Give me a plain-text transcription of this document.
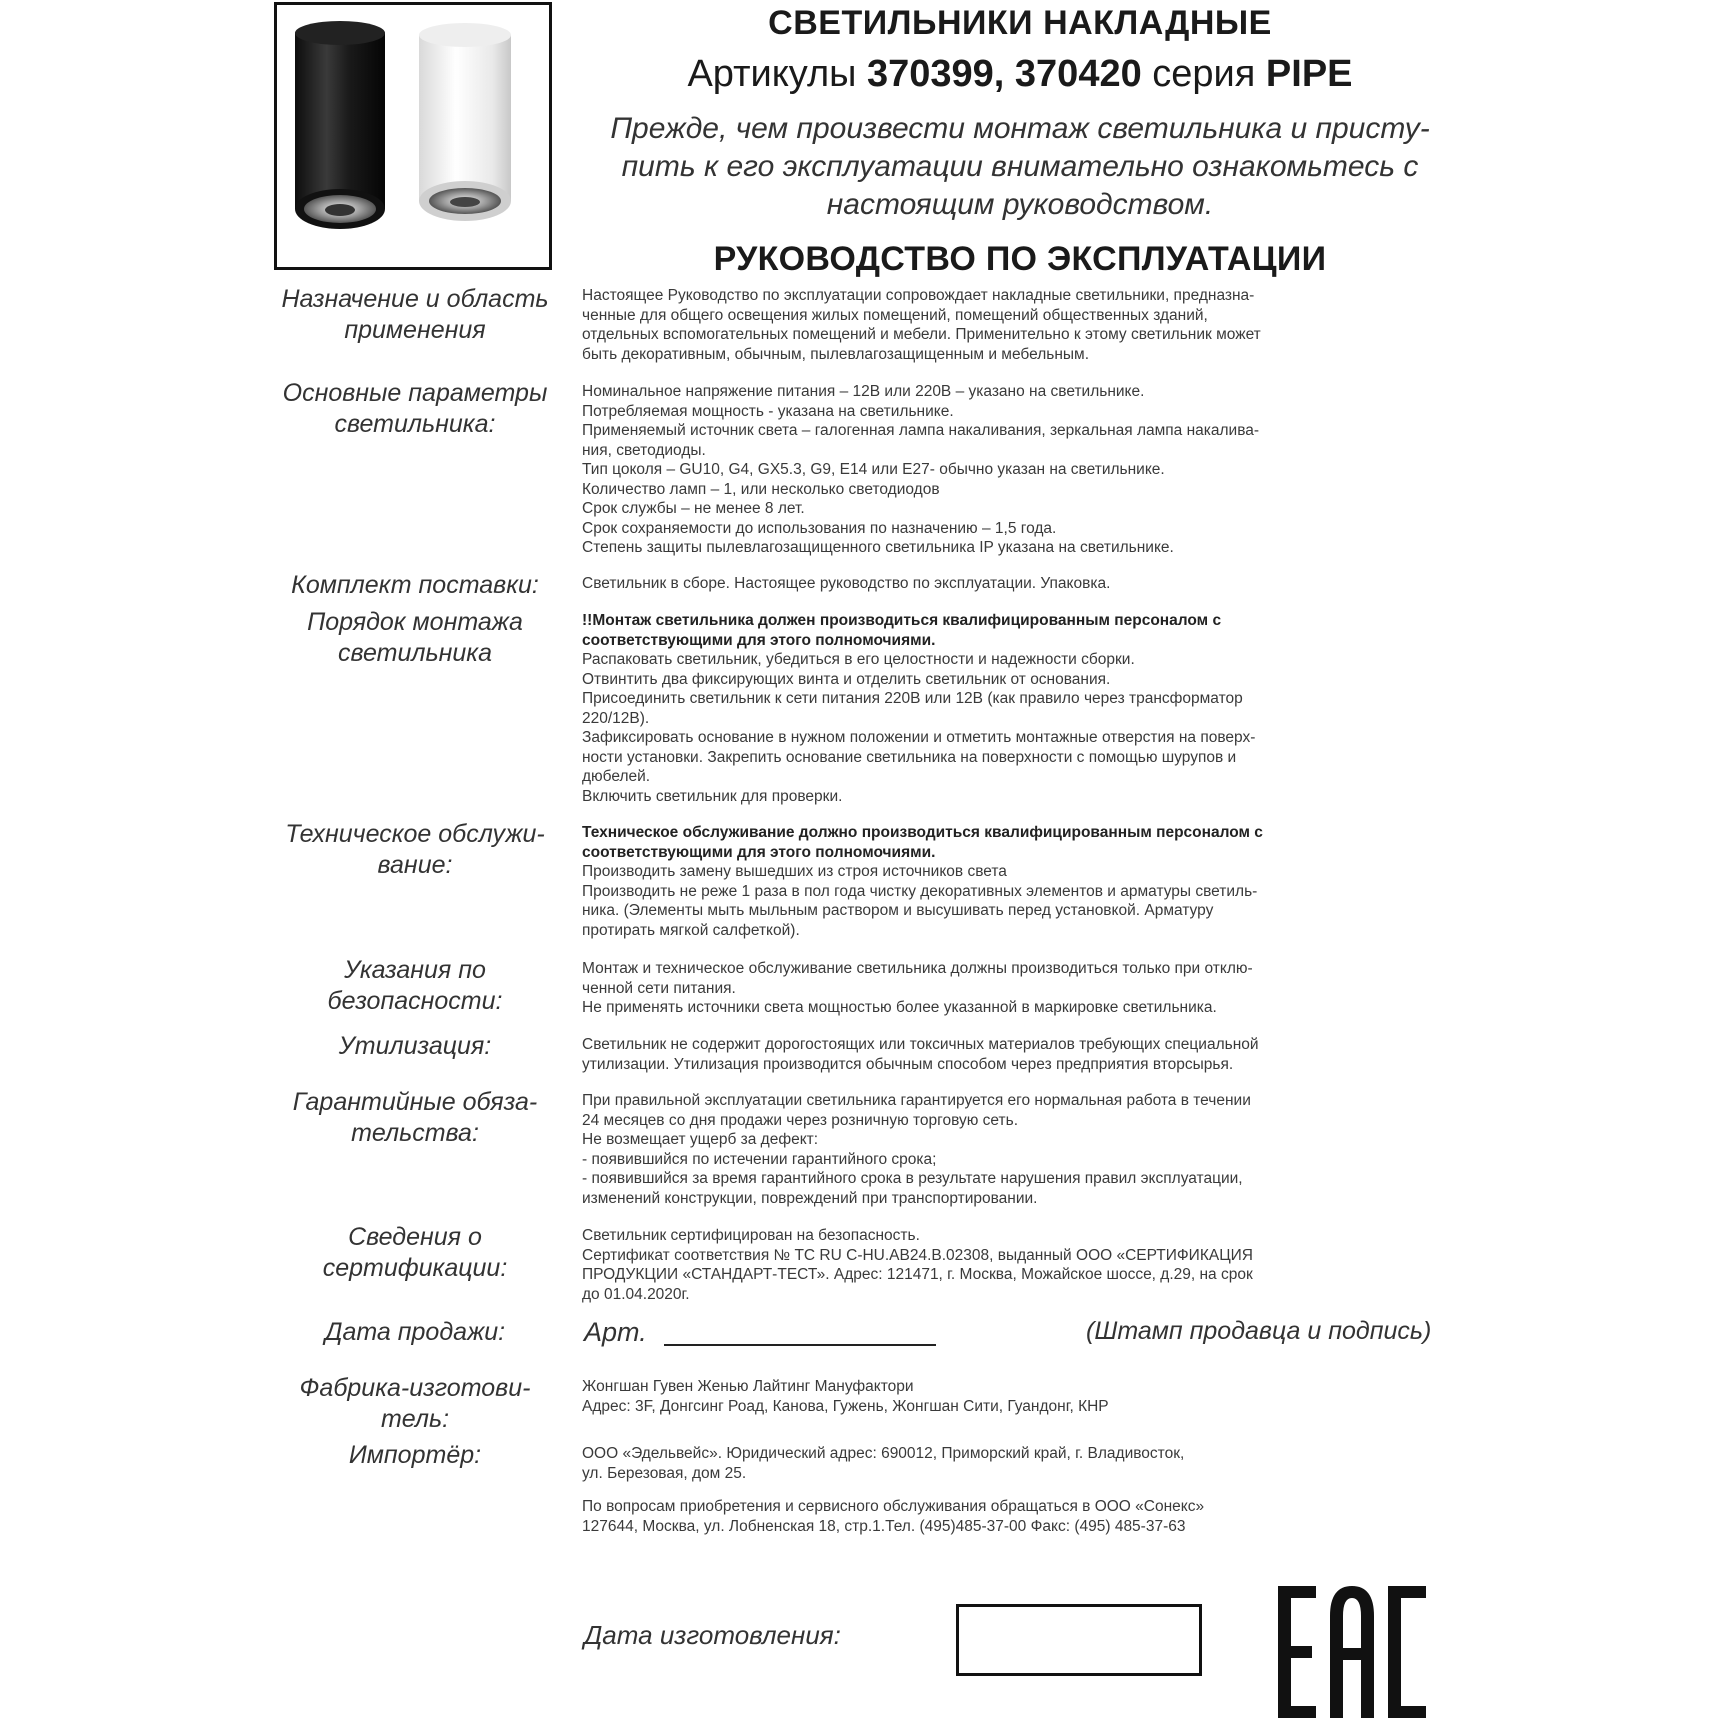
СВЕТИЛЬНИКИ НАКЛАДНЫЕ
Артикулы 370399, 370420 серия PIPE
Прежде, чем произвести монтаж светильника и присту- пить к его эксплуатации внимательно ознакомьтесь с настоящим руководством.
РУКОВОДСТВО ПО ЭКСПЛУАТАЦИИ
Назначение и область применения
Основные параметры светильника:
Комплект поставки:
Порядок монтажа светильника
Техническое обслужи- вание:
Указания по безопасности:
Утилизация:
Гарантийные обяза- тельства:
Сведения о сертификации:
Дата продажи:
Фабрика-изготови- тель:
Импортёр:
Настоящее Руководство по эксплуатации сопровождает накладные светильники, предназна-
ченные для общего освещения жилых помещений, помещений общественных зданий,
отдельных вспомогательных помещений и мебели. Применительно к этому светильник может
быть декоративным, обычным, пылевлагозащищенным и мебельным.
Номинальное напряжение питания – 12В или 220В – указано на светильнике.
Потребляемая мощность - указана на светильнике.
Применяемый источник света – галогенная лампа накаливания, зеркальная лампа накалива-
ния, светодиоды.
Тип цоколя – GU10, G4, GX5.3, G9, E14 или E27- обычно указан на светильнике.
Количество ламп – 1, или несколько светодиодов
Срок службы – не менее 8 лет.
Срок сохраняемости до использования по назначению – 1,5 года.
Степень защиты пылевлагозащищенного светильника IP указана на светильнике.
Светильник в сборе. Настоящее руководство по эксплуатации. Упаковка.
!!Монтаж светильника должен производиться квалифицированным персоналом с
соответствующими для этого полномочиями.
Распаковать светильник, убедиться в его целостности и надежности сборки.
Отвинтить два фиксирующих винта и отделить светильник от основания.
Присоединить светильник к сети питания 220В или 12В (как правило через трансформатор
220/12В).
Зафиксировать основание в нужном положении и отметить монтажные отверстия на поверх-
ности установки. Закрепить основание светильника на поверхности с помощью шурупов и
дюбелей.
Включить светильник для проверки.
Техническое обслуживание должно производиться квалифицированным персоналом с
соответствующими для этого полномочиями.
Производить замену вышедших из строя источников света
Производить не реже 1 раза в пол года чистку декоративных элементов и арматуры светиль-
ника. (Элементы мыть мыльным раствором и высушивать перед установкой. Арматуру
протирать мягкой салфеткой).
Монтаж и техническое обслуживание светильника должны производиться только при отклю-
ченной сети питания.
Не применять источники света мощностью более указанной в маркировке светильника.
Светильник не содержит дорогостоящих или токсичных материалов требующих специальной
утилизации. Утилизация производится обычным способом через предприятия вторсырья.
При правильной эксплуатации светильника гарантируется его нормальная работа в течении
24 месяцев со дня продажи через розничную торговую сеть.
Не возмещает ущерб за дефект:
- появившийся по истечении гарантийного срока;
- появившийся за время гарантийного срока в результате нарушения правил эксплуатации,
изменений конструкции, повреждений при транспортировании.
Светильник сертифицирован на безопасность.
Сертификат соответствия № ТС RU C-HU.АВ24.В.02308, выданный ООО «СЕРТИФИКАЦИЯ
ПРОДУКЦИИ «СТАНДАРТ-ТЕСТ». Адрес: 121471, г. Москва, Можайское шоссе, д.29, на срок
до 01.04.2020г.
Жонгшан Гувен Женью Лайтинг Мануфактори
Адрес: 3F, Донгсинг Роад, Канова, Гужень, Жонгшан Сити, Гуандонг, КНР
ООО «Эдельвейс». Юридический адрес: 690012, Приморский край, г. Владивосток,
ул. Березовая, дом 25.
По вопросам приобретения и сервисного обслуживания обращаться в ООО «Сонекс»
127644, Москва, ул. Лобненская 18, стр.1.Тел. (495)485-37-00 Факс: (495) 485-37-63
Арт.	(Штамп продавца и подпись)
Дата изготовления:
